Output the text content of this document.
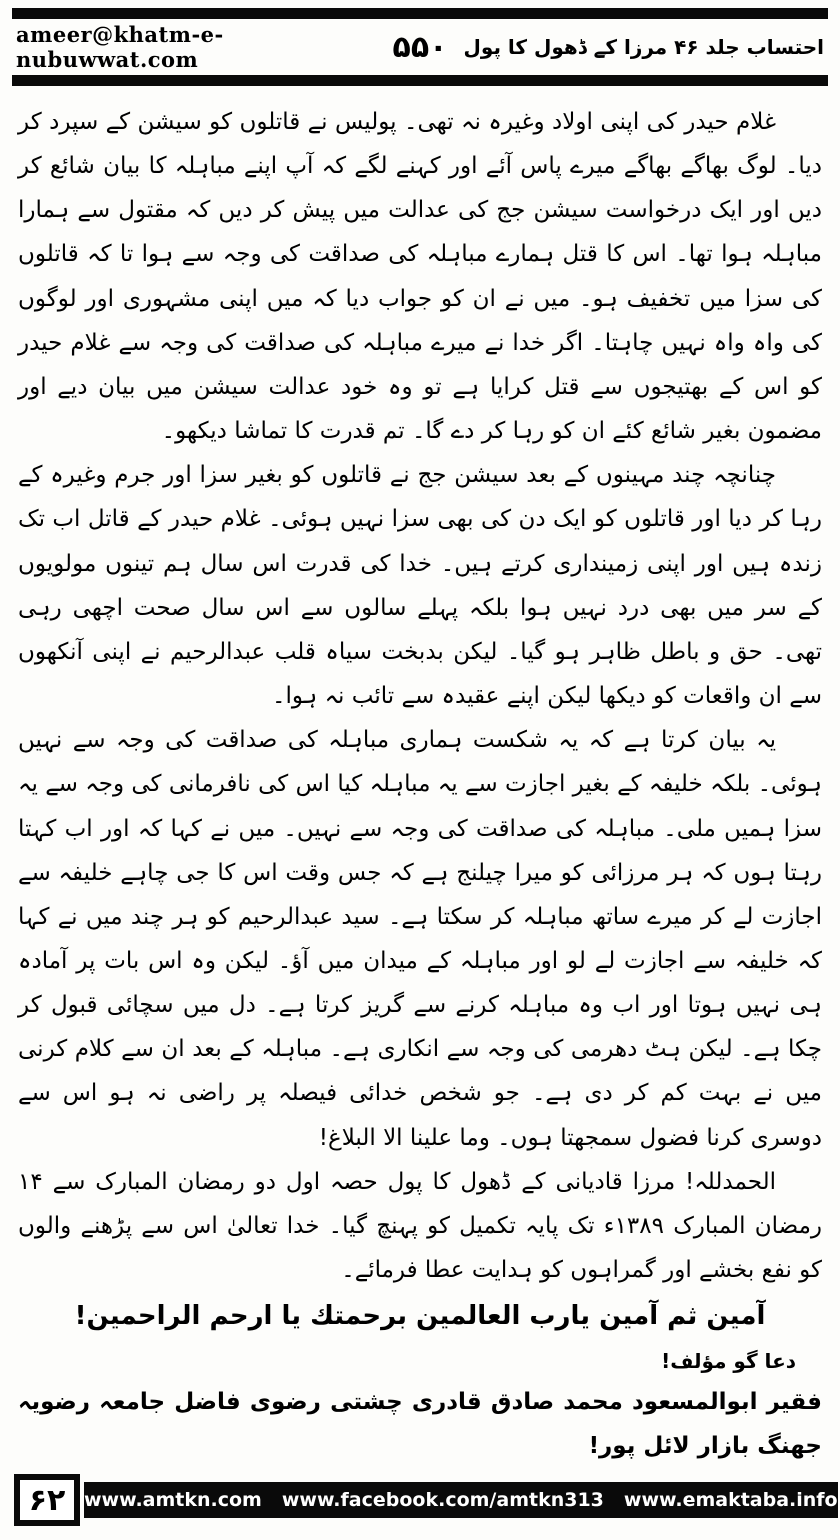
ameer@khatm-e-nubuwwat.com	۵۵۰ احتساب جلد ۴۶ مرزا کے ڈھول کا پول

غلام حیدر کی اپنی اولاد وغیرہ نہ تھی۔ پولیس نے قاتلوں کو سیشن کے سپرد کر دیا۔ لوگ بھاگے بھاگے میرے پاس آئے اور کہنے لگے کہ آپ اپنے مباہلہ کا بیان شائع کر دیں اور ایک درخواست سیشن جج کی عدالت میں پیش کر دیں کہ مقتول سے ہمارا مباہلہ ہوا تھا۔ اس کا قتل ہمارے مباہلہ کی صداقت کی وجہ سے ہوا تا کہ قاتلوں کی سزا میں تخفیف ہو۔ میں نے ان کو جواب دیا کہ میں اپنی مشہوری اور لوگوں کی واہ واہ نہیں چاہتا۔ اگر خدا نے میرے مباہلہ کی صداقت کی وجہ سے غلام حیدر کو اس کے بھتیجوں سے قتل کرایا ہے تو وہ خود عدالت سیشن میں بیان دیے اور مضمون بغیر شائع کئے ان کو رہا کر دے گا۔ تم قدرت کا تماشا دیکھو۔

چنانچہ چند مہینوں کے بعد سیشن جج نے قاتلوں کو بغیر سزا اور جرم وغیرہ کے رہا کر دیا اور قاتلوں کو ایک دن کی بھی سزا نہیں ہوئی۔ غلام حیدر کے قاتل اب تک زندہ ہیں اور اپنی زمینداری کرتے ہیں۔ خدا کی قدرت اس سال ہم تینوں مولویوں کے سر میں بھی درد نہیں ہوا بلکہ پہلے سالوں سے اس سال صحت اچھی رہی تھی۔ حق و باطل ظاہر ہو گیا۔ لیکن بدبخت سیاہ قلب عبدالرحیم نے اپنی آنکھوں سے ان واقعات کو دیکھا لیکن اپنے عقیدہ سے تائب نہ ہوا۔

یہ بیان کرتا ہے کہ یہ شکست ہماری مباہلہ کی صداقت کی وجہ سے نہیں ہوئی۔ بلکہ خلیفہ کے بغیر اجازت سے یہ مباہلہ کیا اس کی نافرمانی کی وجہ سے یہ سزا ہمیں ملی۔ مباہلہ کی صداقت کی وجہ سے نہیں۔ میں نے کہا کہ اور اب کہتا رہتا ہوں کہ ہر مرزائی کو میرا چیلنج ہے کہ جس وقت اس کا جی چاہے خلیفہ سے اجازت لے کر میرے ساتھ مباہلہ کر سکتا ہے۔ سید عبدالرحیم کو ہر چند میں نے کہا کہ خلیفہ سے اجازت لے لو اور مباہلہ کے میدان میں آؤ۔ لیکن وہ اس بات پر آمادہ ہی نہیں ہوتا اور اب وہ مباہلہ کرنے سے گریز کرتا ہے۔ دل میں سچائی قبول کر چکا ہے۔ لیکن ہٹ دھرمی کی وجہ سے انکاری ہے۔ مباہلہ کے بعد ان سے کلام کرنی میں نے بہت کم کر دی ہے۔ جو شخص خدائی فیصلہ پر راضی نہ ہو اس سے دوسری کرنا فضول سمجھتا ہوں۔ وما علینا الا البلاغ!

الحمدللہ! مرزا قادیانی کے ڈھول کا پول حصہ اول دو رمضان المبارک سے ۱۴ رمضان المبارک ۱۳۸۹ء تک پایہ تکمیل کو پہنچ گیا۔ خدا تعالیٰ اس سے پڑھنے والوں کو نفع بخشے اور گمراہوں کو ہدایت عطا فرمائے۔

آمین ثم آمین یارب العالمین برحمتك یا ارحم الراحمین!

دعا گو مؤلف!

فقیر ابوالمسعود محمد صادق قادری چشتی رضوی فاضل جامعہ رضویہ جھنگ بازار لائل پور!

۶۲ www.amtkn.com www.facebook.com/amtkn313 www.emaktaba.info
